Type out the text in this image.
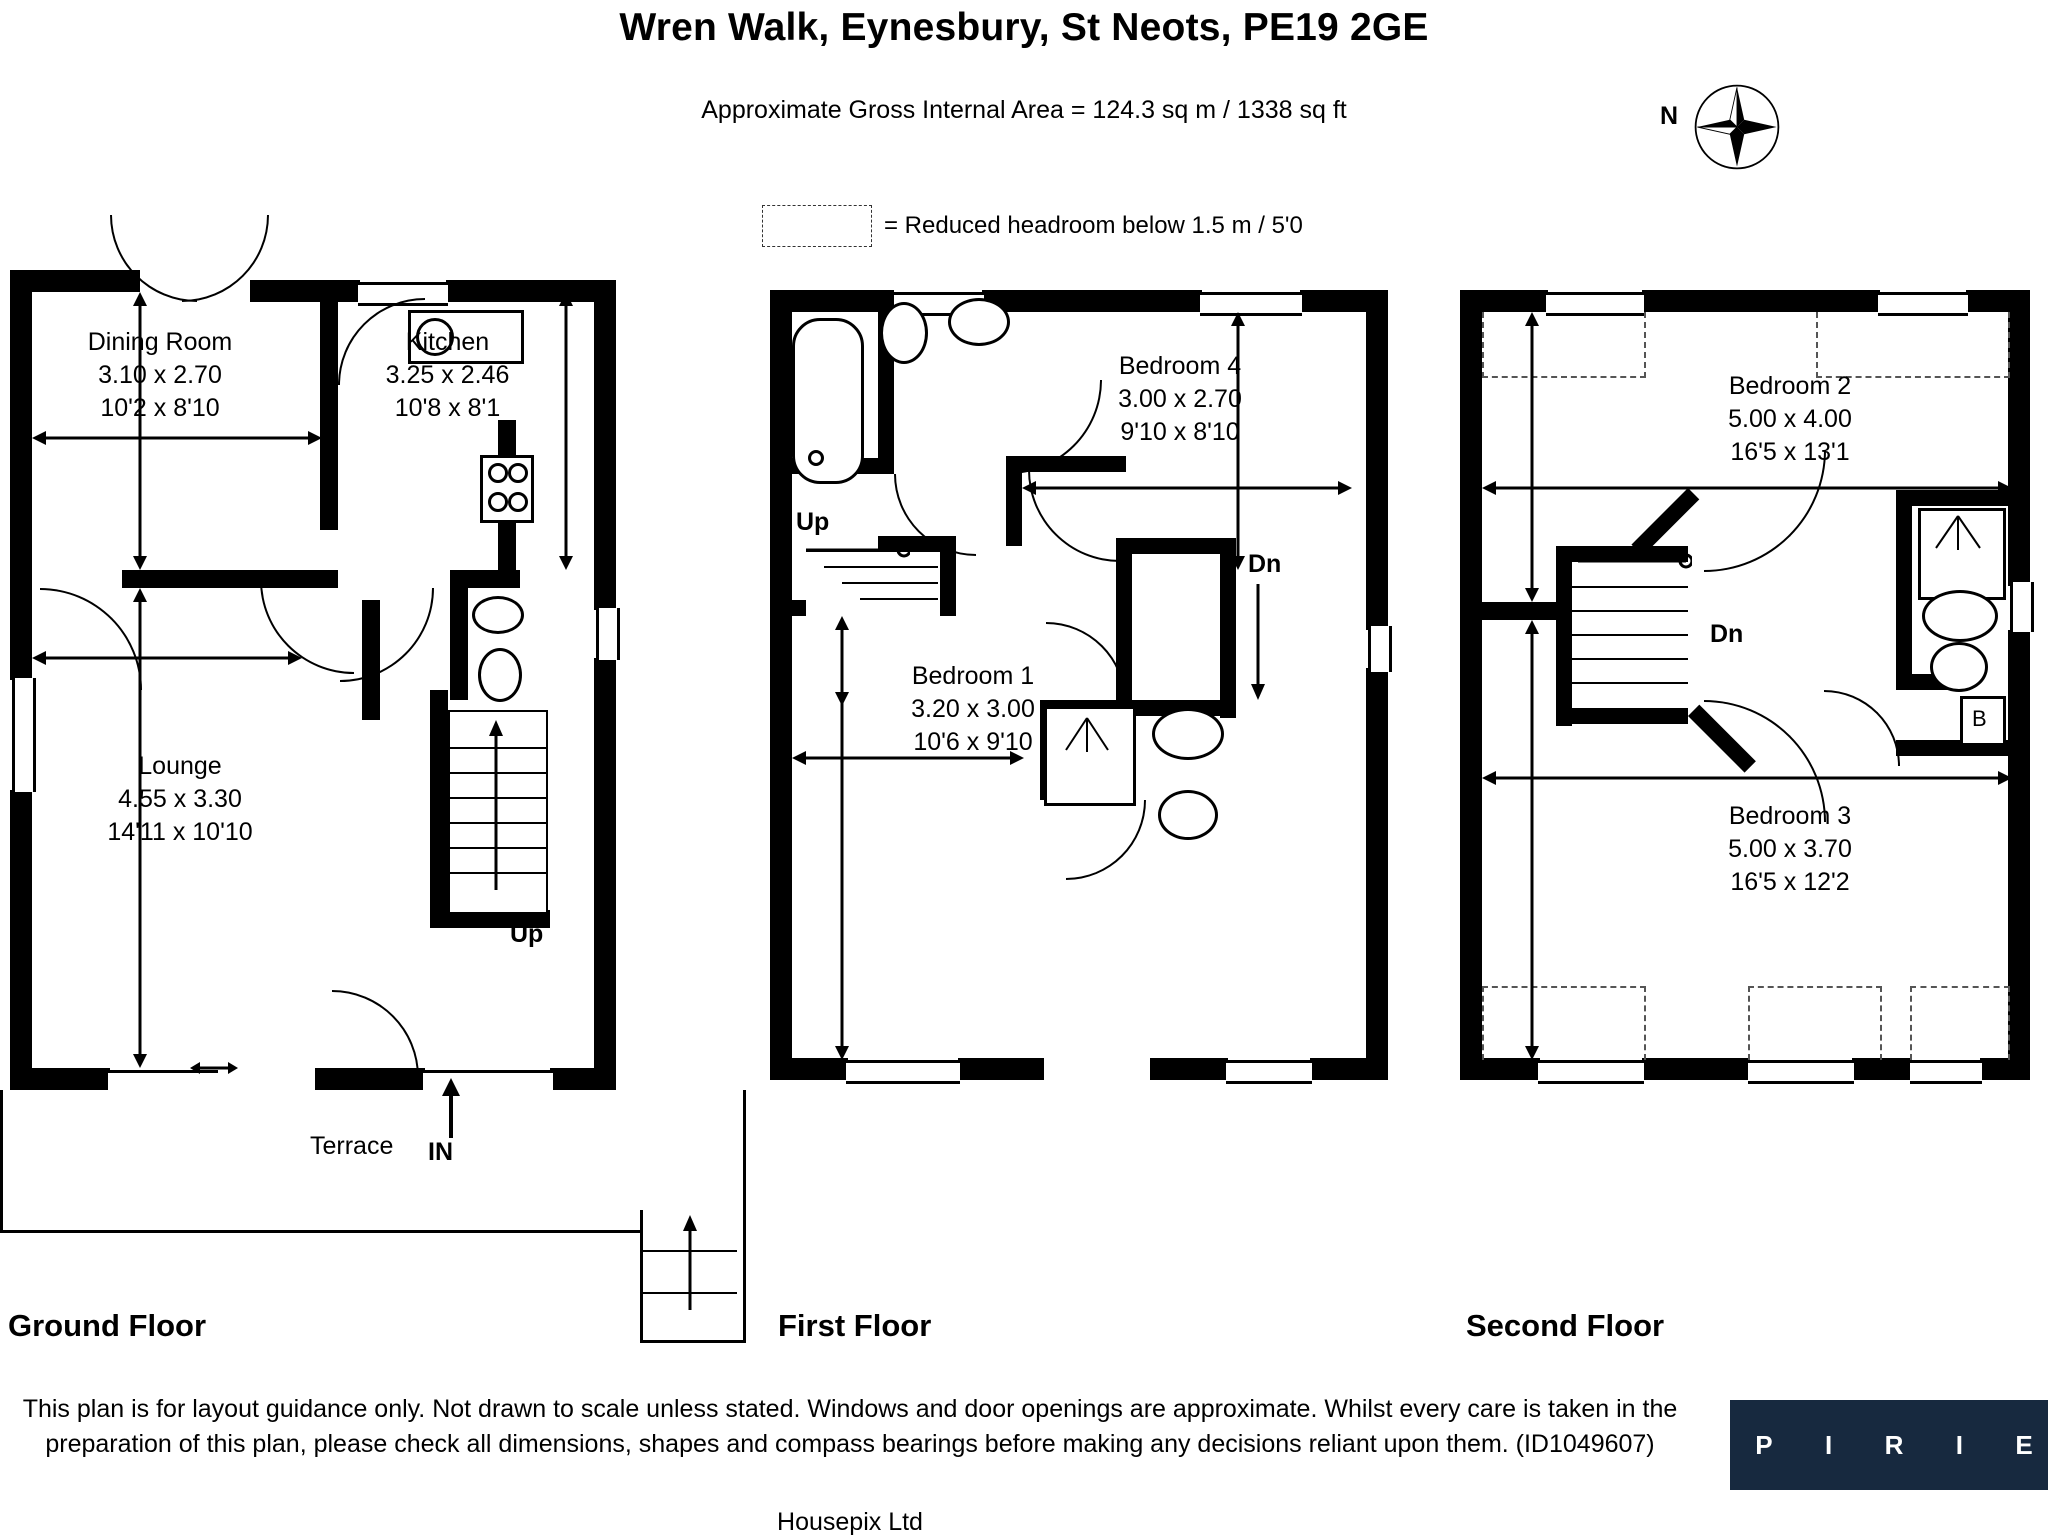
Wren Walk, Eynesbury, St Neots, PE19 2GE
Approximate Gross Internal Area = 124.3 sq m / 1338 sq ft
= Reduced headroom below 1.5 m / 5'0
N
Up
Dining Room
3.10 x 2.70
10'2 x 8'10
Kitchen
3.25 x 2.46
10'8 x 8'1
Lounge
4.55 x 3.30
14'11 x 10'10
Terrace IN
Ground Floor
Up
Dn
Bedroom 4
3.00 x 2.70
9'10 x 8'10
Bedroom 1
3.20 x 3.00
10'6 x 9'10
First Floor
B
Dn
Bedroom 2
5.00 x 4.00
16'5 x 13'1
Bedroom 3
5.00 x 3.70
16'5 x 12'2
Second Floor
This plan is for layout guidance only. Not drawn to scale unless stated. Windows and door openings are approximate. Whilst every care is taken in the preparation of this plan, please check all dimensions, shapes and compass bearings before making any decisions reliant upon them. (ID1049607)
Housepix Ltd
P I R I E
